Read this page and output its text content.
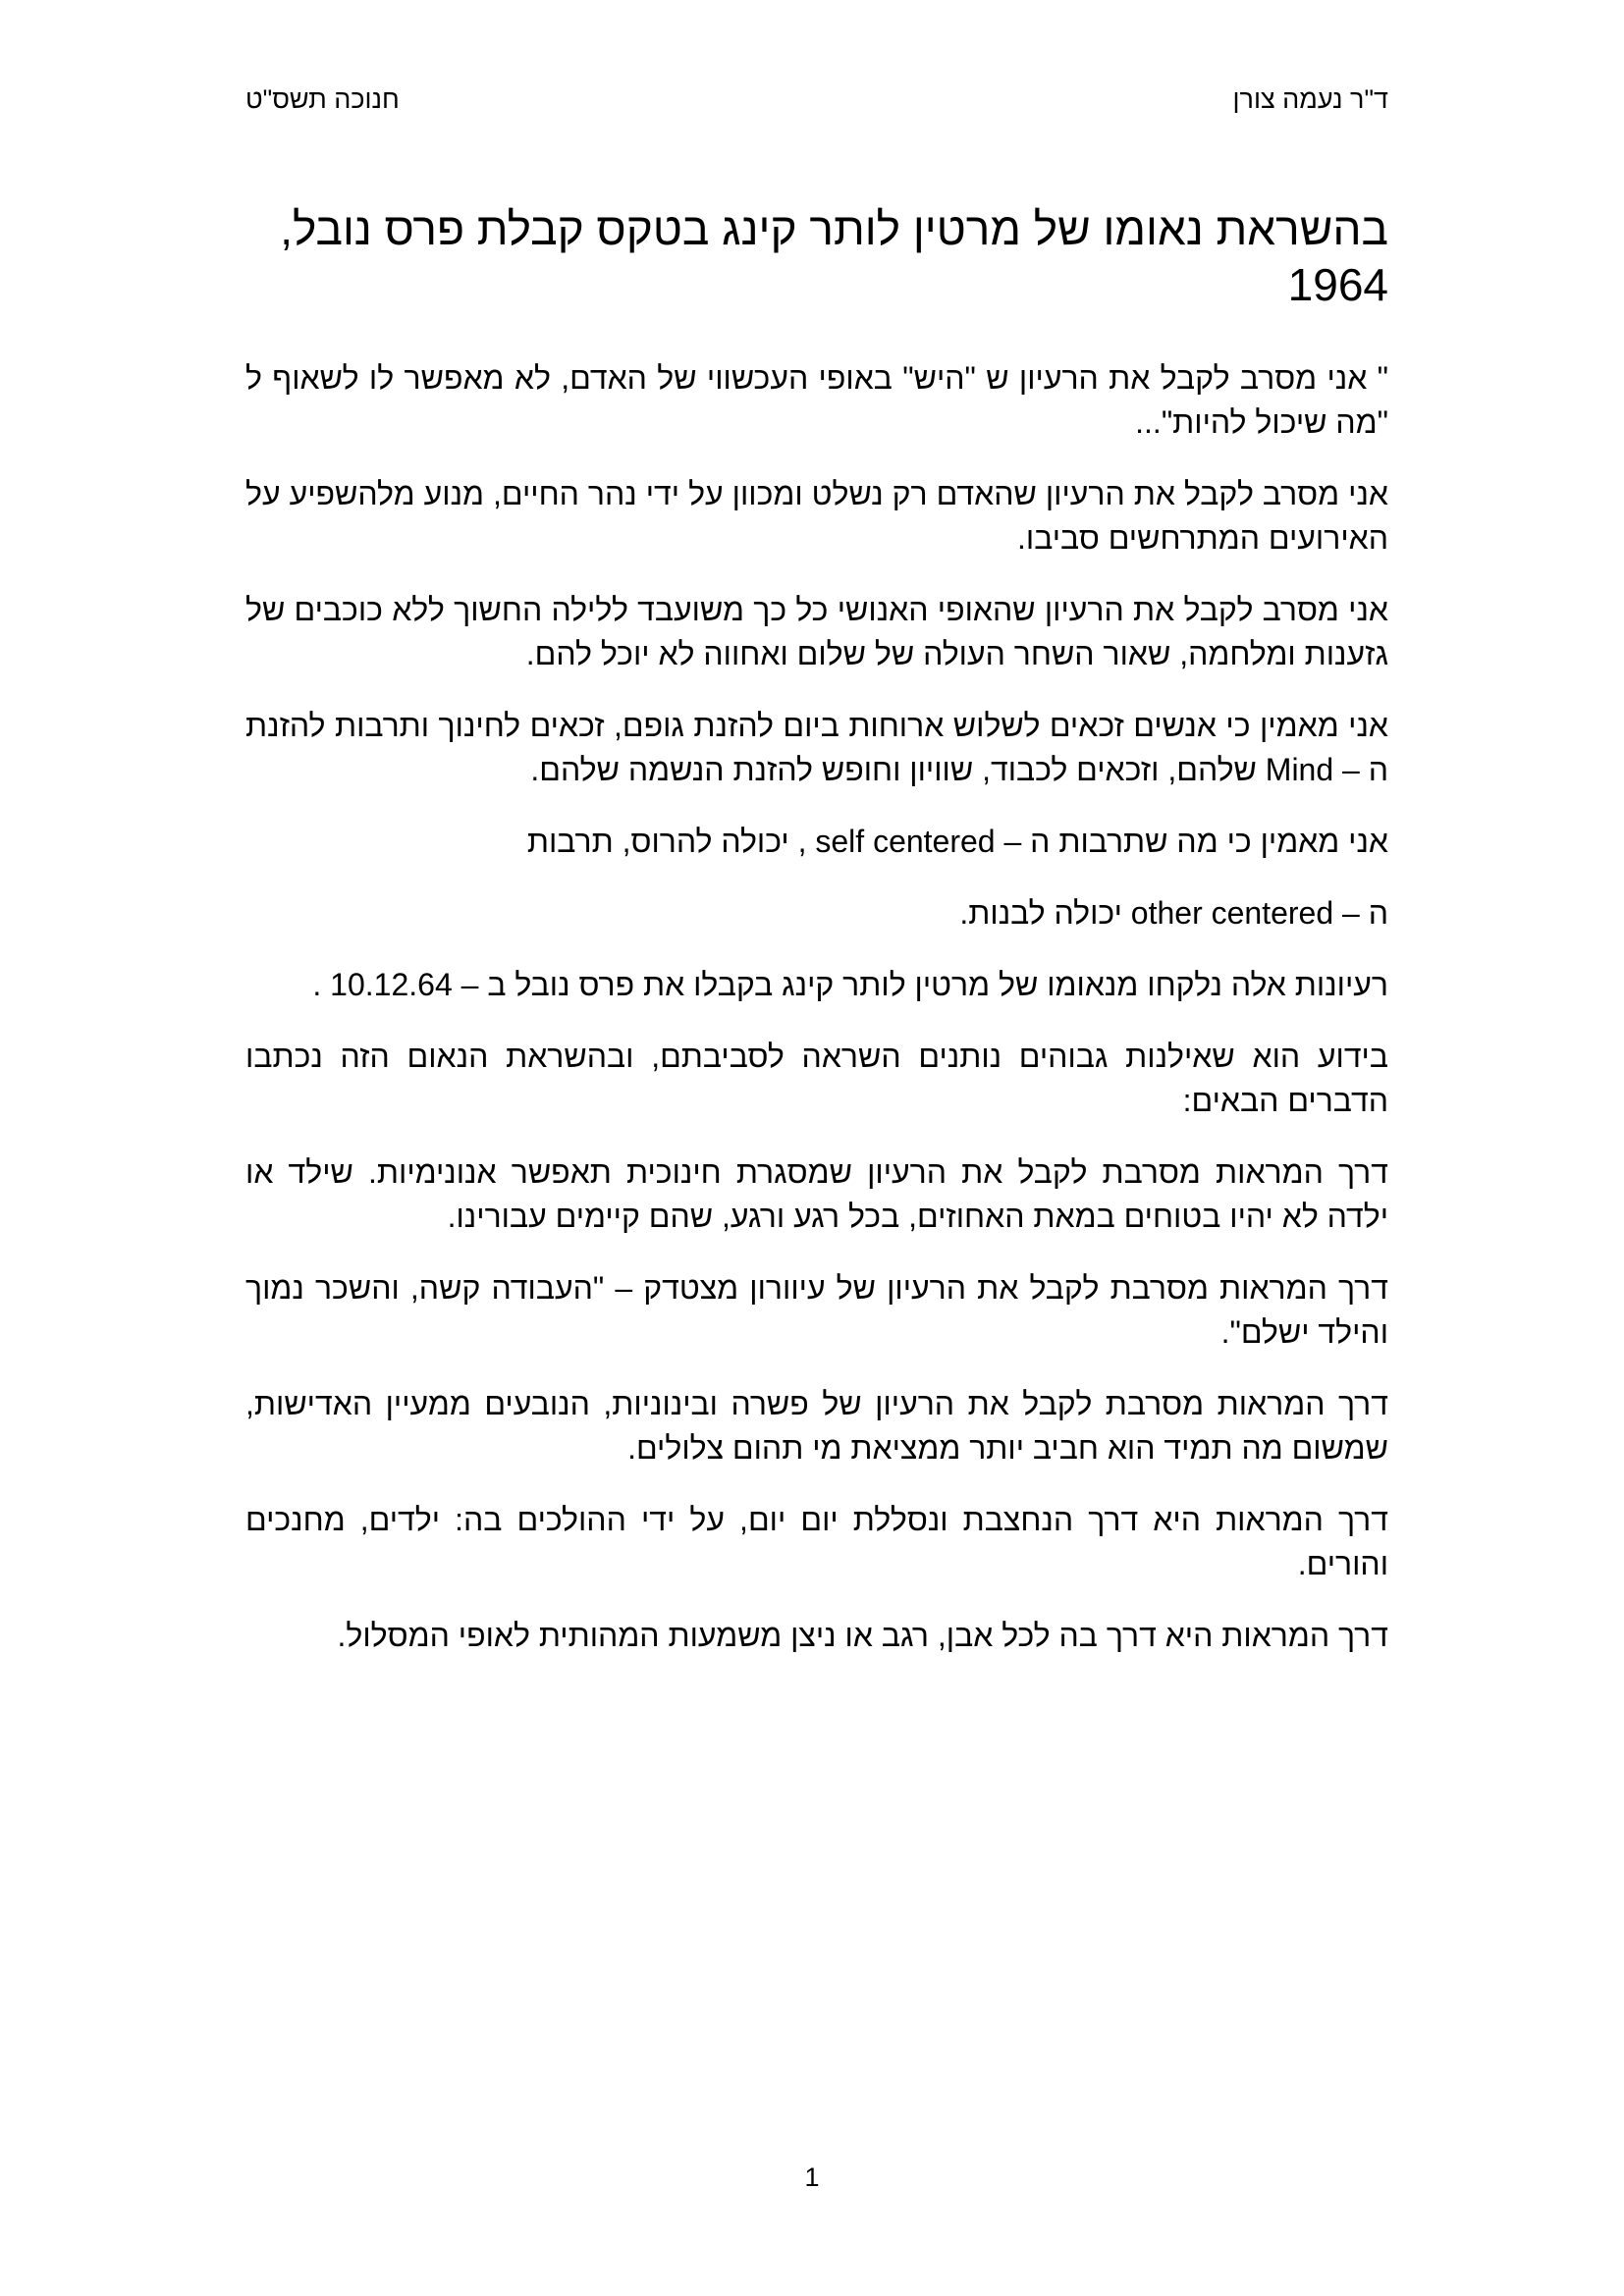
ד"ר נעמה צורן
חנוכה תשס"ט
בהשראת נאומו של מרטין לותר קינג בטקס קבלת פרס נובל, 1964

" אני מסרב לקבל את הרעיון ש "היש" באופי העכשווי של האדם, לא מאפשר לו לשאוף ל "מה שיכול להיות"...

אני מסרב לקבל את הרעיון שהאדם רק נשלט ומכוון על ידי נהר החיים, מנוע מלהשפיע על האירועים המתרחשים סביבו.

אני מסרב לקבל את הרעיון שהאופי האנושי כל כך משועבד ללילה החשוך ללא כוכבים של גזענות ומלחמה, שאור השחר העולה של שלום ואחווה לא יוכל להם.

אני מאמין כי אנשים זכאים לשלוש ארוחות ביום להזנת גופם, זכאים לחינוך ותרבות להזנת ה – Mind שלהם, וזכאים לכבוד, שוויון וחופש להזנת הנשמה שלהם.

אני מאמין כי מה שתרבות ה – self centered , יכולה להרוס, תרבות

ה – other centered יכולה לבנות.

רעיונות אלה נלקחו מנאומו של מרטין לותר קינג בקבלו את פרס נובל ב – 10.12.64 .

בידוע הוא שאילנות גבוהים נותנים השראה לסביבתם, ובהשראת הנאום הזה נכתבו הדברים הבאים:

דרך המראות מסרבת לקבל את הרעיון שמסגרת חינוכית תאפשר אנונימיות. שילד או ילדה לא יהיו בטוחים במאת האחוזים, בכל רגע ורגע, שהם קיימים עבורינו.

דרך המראות מסרבת לקבל את הרעיון של עיוורון מצטדק – "העבודה קשה, והשכר נמוך והילד ישלם".

דרך המראות מסרבת לקבל את הרעיון של פשרה ובינוניות, הנובעים ממעיין האדישות, שמשום מה תמיד הוא חביב יותר ממציאת מי תהום צלולים.

דרך המראות היא דרך הנחצבת ונסללת יום יום, על ידי ההולכים בה: ילדים, מחנכים והורים.

דרך המראות היא דרך בה לכל אבן, רגב או ניצן משמעות המהותית לאופי המסלול.

1
